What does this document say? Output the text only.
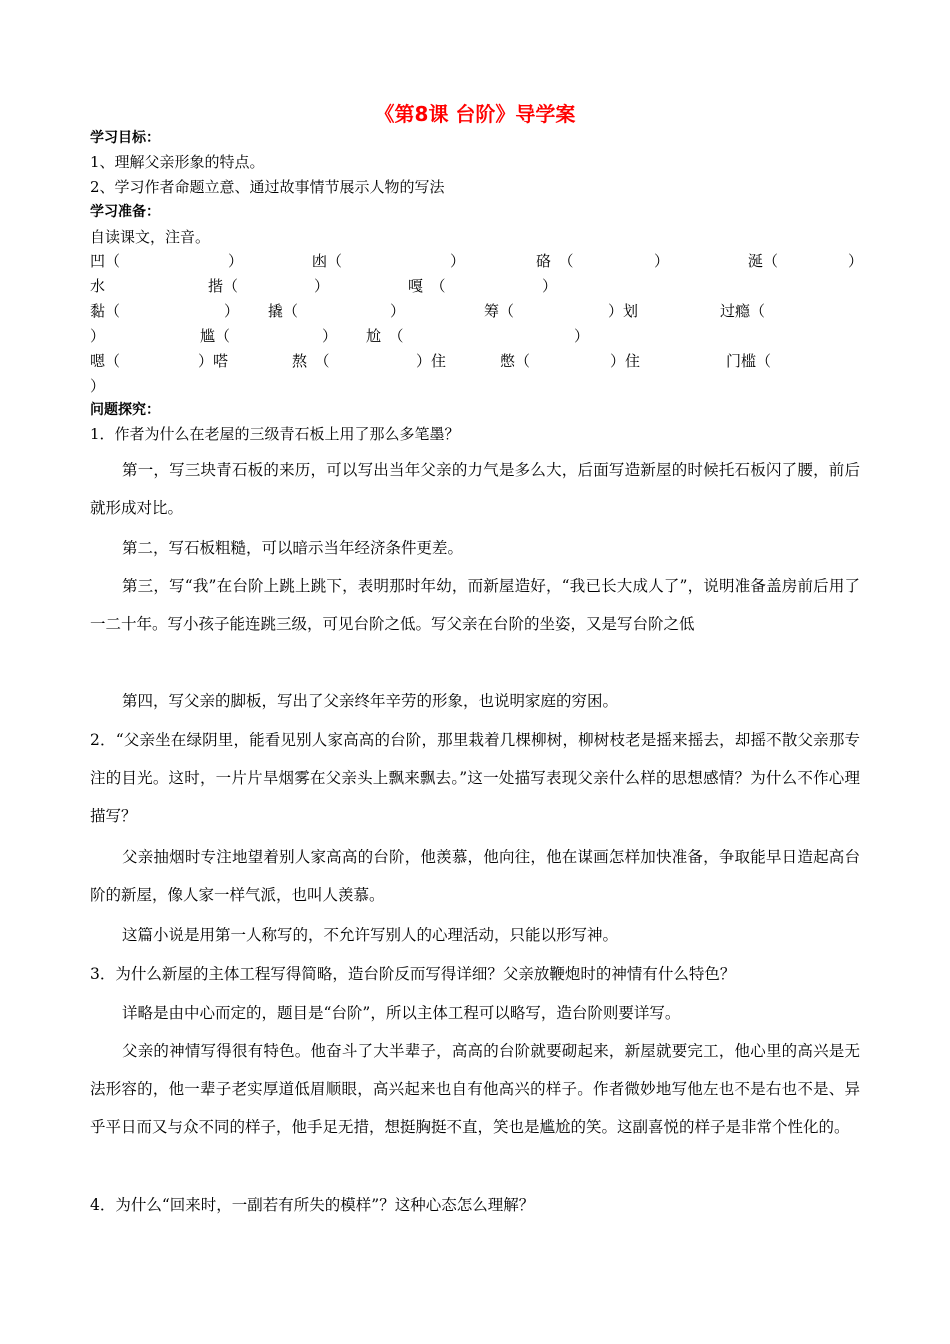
《第8课 台阶》导学案
学习目标：
1、理解父亲形象的特点。
2、学习作者命题立意、通过故事情节展示人物的写法
学习准备：
自读课文，注音。
凹（	）	凼（	）	硌　（	）	涎（	）
水	揩（	）	嘎　（	）
黏（	） 撬（	）	筹（	）划	过瘾（
）	尴（	） 尬　（	）
嗯（	）嗒	熬　（	）住	憋（	）住	门槛（
）
问题探究：
1．作者为什么在老屋的三级青石板上用了那么多笔墨？
第一，写三块青石板的来历，可以写出当年父亲的力气是多么大，后面写造新屋的时候托石板闪了腰，前后就形成对比。
第二，写石板粗糙，可以暗示当年经济条件更差。
第三，写“我”在台阶上跳上跳下，表明那时年幼，而新屋造好，“我已长大成人了”，说明准备盖房前后用了一二十年。写小孩子能连跳三级，可见台阶之低。写父亲在台阶的坐姿，又是写台阶之低
第四，写父亲的脚板，写出了父亲终年辛劳的形象，也说明家庭的穷困。
2．“父亲坐在绿阴里，能看见别人家高高的台阶，那里栽着几棵柳树，柳树枝老是摇来摇去，却摇不散父亲那专注的目光。这时，一片片旱烟雾在父亲头上飘来飘去。”这一处描写表现父亲什么样的思想感情？为什么不作心理描写？
父亲抽烟时专注地望着别人家高高的台阶，他羡慕，他向往，他在谋画怎样加快准备，争取能早日造起高台阶的新屋，像人家一样气派，也叫人羡慕。
这篇小说是用第一人称写的，不允许写别人的心理活动，只能以形写神。
3．为什么新屋的主体工程写得简略，造台阶反而写得详细？父亲放鞭炮时的神情有什么特色？
详略是由中心而定的，题目是“台阶”，所以主体工程可以略写，造台阶则要详写。
父亲的神情写得很有特色。他奋斗了大半辈子，高高的台阶就要砌起来，新屋就要完工，他心里的高兴是无法形容的，他一辈子老实厚道低眉顺眼，高兴起来也自有他高兴的样子。作者微妙地写他左也不是右也不是、异乎平日而又与众不同的样子，他手足无措，想挺胸挺不直，笑也是尴尬的笑。这副喜悦的样子是非常个性化的。
4．为什么“回来时，一副若有所失的模样”？这种心态怎么理解？
